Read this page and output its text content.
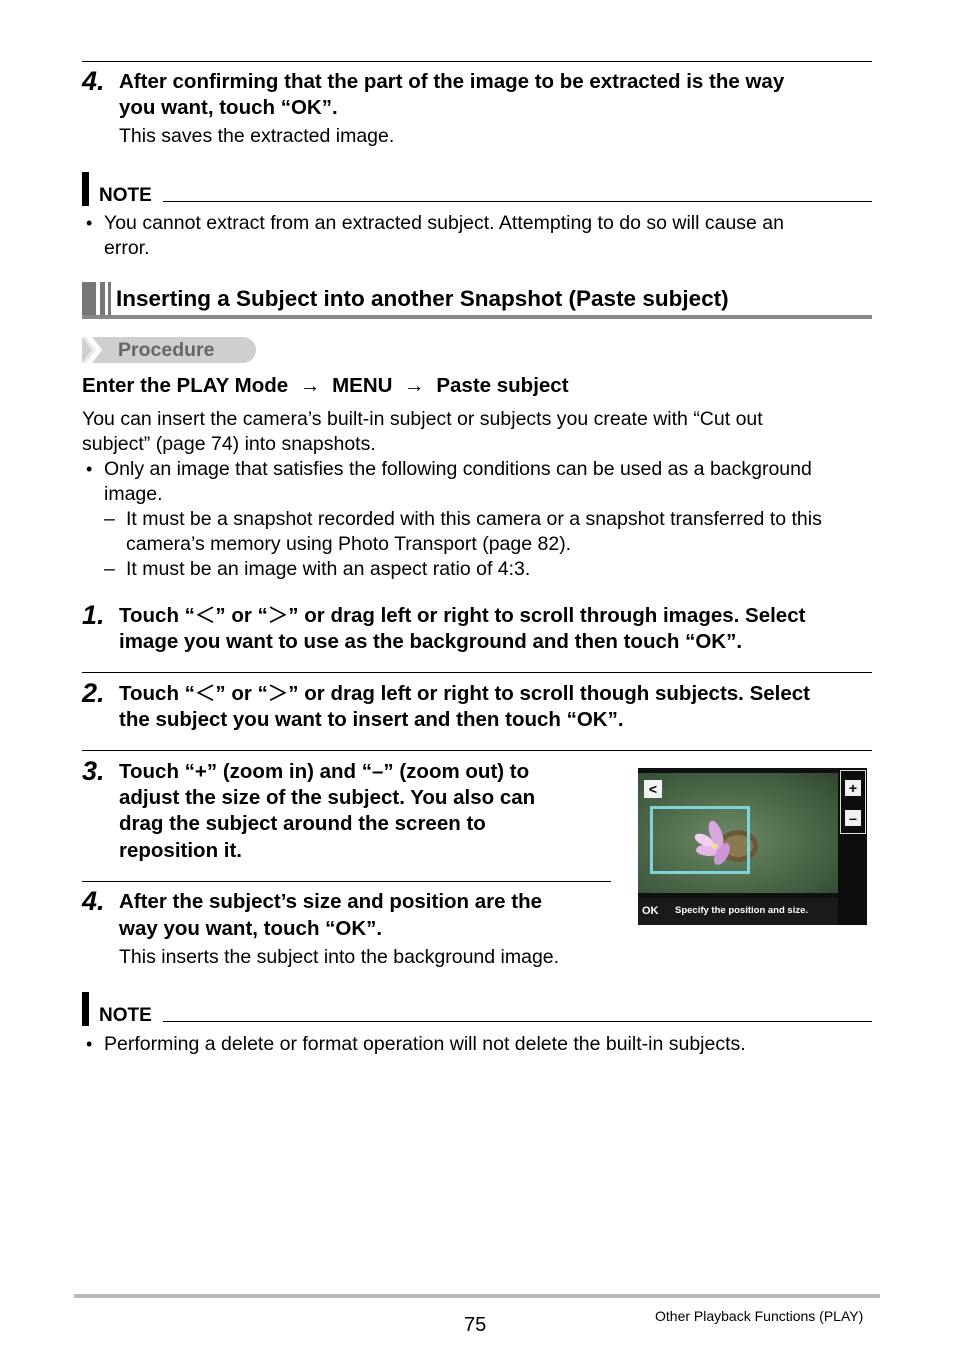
4. After confirming that the part of the image to be extracted is the way
you want, touch “OK”.
This saves the extracted image.
NOTE
• You cannot extract from an extracted subject. Attempting to do so will cause an
error.
Inserting a Subject into another Snapshot (Paste subject)
Procedure
Enter the PLAY Mode → MENU → Paste subject
You can insert the camera’s built-in subject or subjects you create with “Cut out
subject” (page 74) into snapshots.
• Only an image that satisfies the following conditions can be used as a background
image.
– It must be a snapshot recorded with this camera or a snapshot transferred to this
camera’s memory using Photo Transport (page 82).
– It must be an image with an aspect ratio of 4:3.
1. Touch “＜” or “＞” or drag left or right to scroll through images. Select
image you want to use as the background and then touch “OK”.
2. Touch “＜” or “＞” or drag left or right to scroll though subjects. Select
the subject you want to insert and then touch “OK”.
3. Touch “+” (zoom in) and “–” (zoom out) to
adjust the size of the subject. You also can
drag the subject around the screen to
reposition it.
4. After the subject’s size and position are the
way you want, touch “OK”.
This inserts the subject into the background image.
<	+
–
OK Specify the position and size.
NOTE
• Performing a delete or format operation will not delete the built-in subjects.
75	Other Playback Functions (PLAY)
